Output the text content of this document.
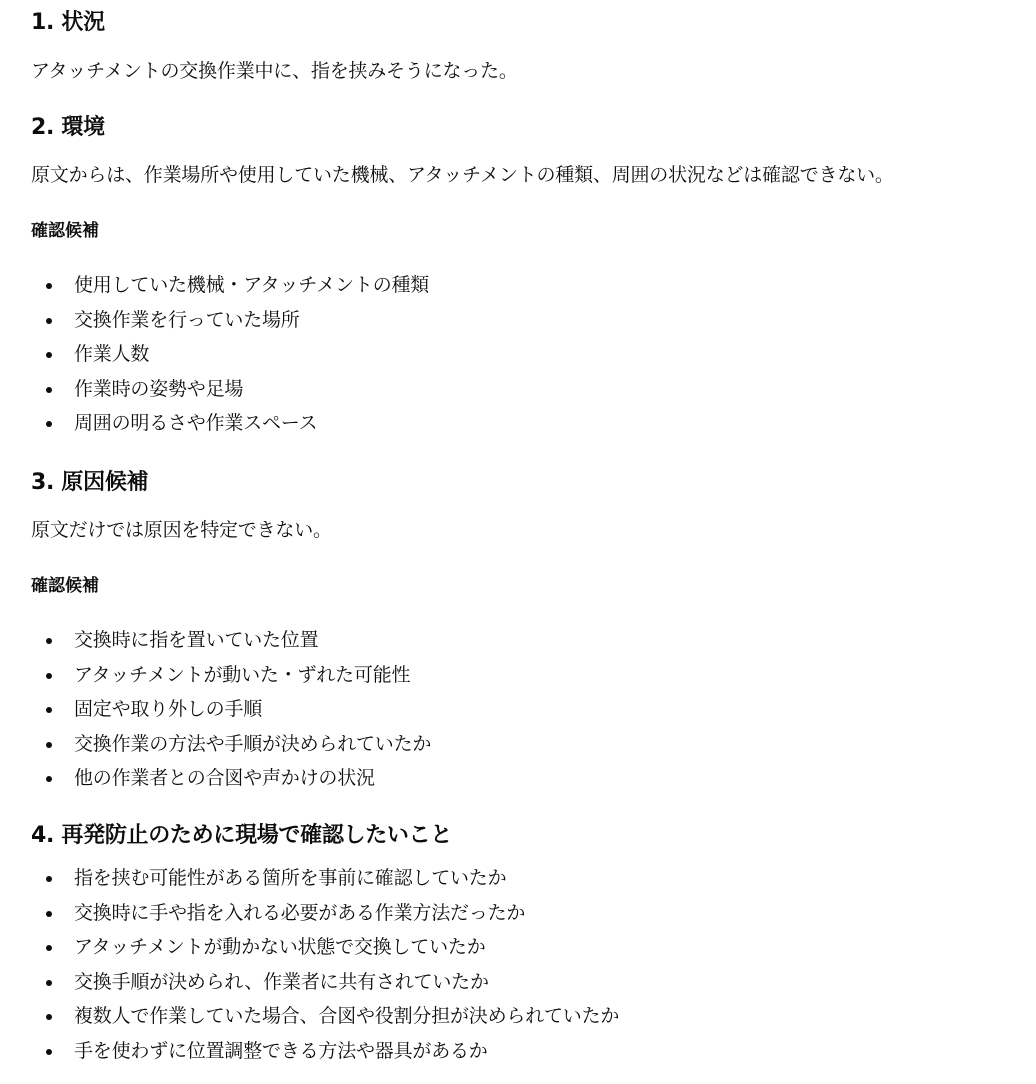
1. 状況

アタッチメントの交換作業中に、指を挟みそうになった。

2. 環境

原文からは、作業場所や使用していた機械、アタッチメントの種類、周囲の状況などは確認できない。

確認候補
使用していた機械・アタッチメントの種類
交換作業を行っていた場所
作業人数
作業時の姿勢や足場
周囲の明るさや作業スペース
3. 原因候補

原文だけでは原因を特定できない。

確認候補
交換時に指を置いていた位置
アタッチメントが動いた・ずれた可能性
固定や取り外しの手順
交換作業の方法や手順が決められていたか
他の作業者との合図や声かけの状況
4. 再発防止のために現場で確認したいこと
指を挟む可能性がある箇所を事前に確認していたか
交換時に手や指を入れる必要がある作業方法だったか
アタッチメントが動かない状態で交換していたか
交換手順が決められ、作業者に共有されていたか
複数人で作業していた場合、合図や役割分担が決められていたか
手を使わずに位置調整できる方法や器具があるか
